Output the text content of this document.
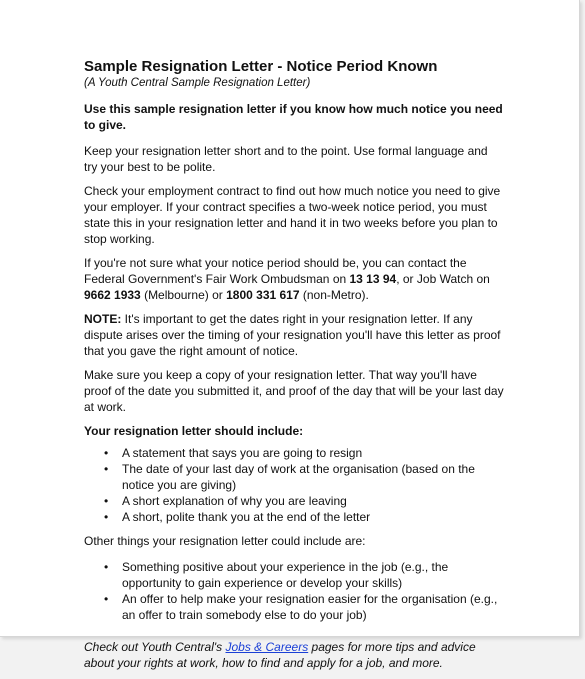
Sample Resignation Letter - Notice Period Known
(A Youth Central Sample Resignation Letter)

Use this sample resignation letter if you know how much notice you need to give.

Keep your resignation letter short and to the point. Use formal language and try your best to be polite.

Check your employment contract to find out how much notice you need to give your employer. If your contract specifies a two-week notice period, you must state this in your resignation letter and hand it in two weeks before you plan to stop working.

If you're not sure what your notice period should be, you can contact the Federal Government's Fair Work Ombudsman on 13 13 94, or Job Watch on 9662 1933 (Melbourne) or 1800 331 617 (non-Metro).

NOTE: It's important to get the dates right in your resignation letter. If any dispute arises over the timing of your resignation you'll have this letter as proof that you gave the right amount of notice.

Make sure you keep a copy of your resignation letter. That way you'll have proof of the date you submitted it, and proof of the day that will be your last day at work.

Your resignation letter should include:

• A statement that says you are going to resign
• The date of your last day of work at the organisation (based on the notice you are giving)
• A short explanation of why you are leaving
• A short, polite thank you at the end of the letter

Other things your resignation letter could include are:

• Something positive about your experience in the job (e.g., the opportunity to gain experience or develop your skills)
• An offer to help make your resignation easier for the organisation (e.g., an offer to train somebody else to do your job)

Check out Youth Central's Jobs & Careers pages for more tips and advice about your rights at work, how to find and apply for a job, and more.
